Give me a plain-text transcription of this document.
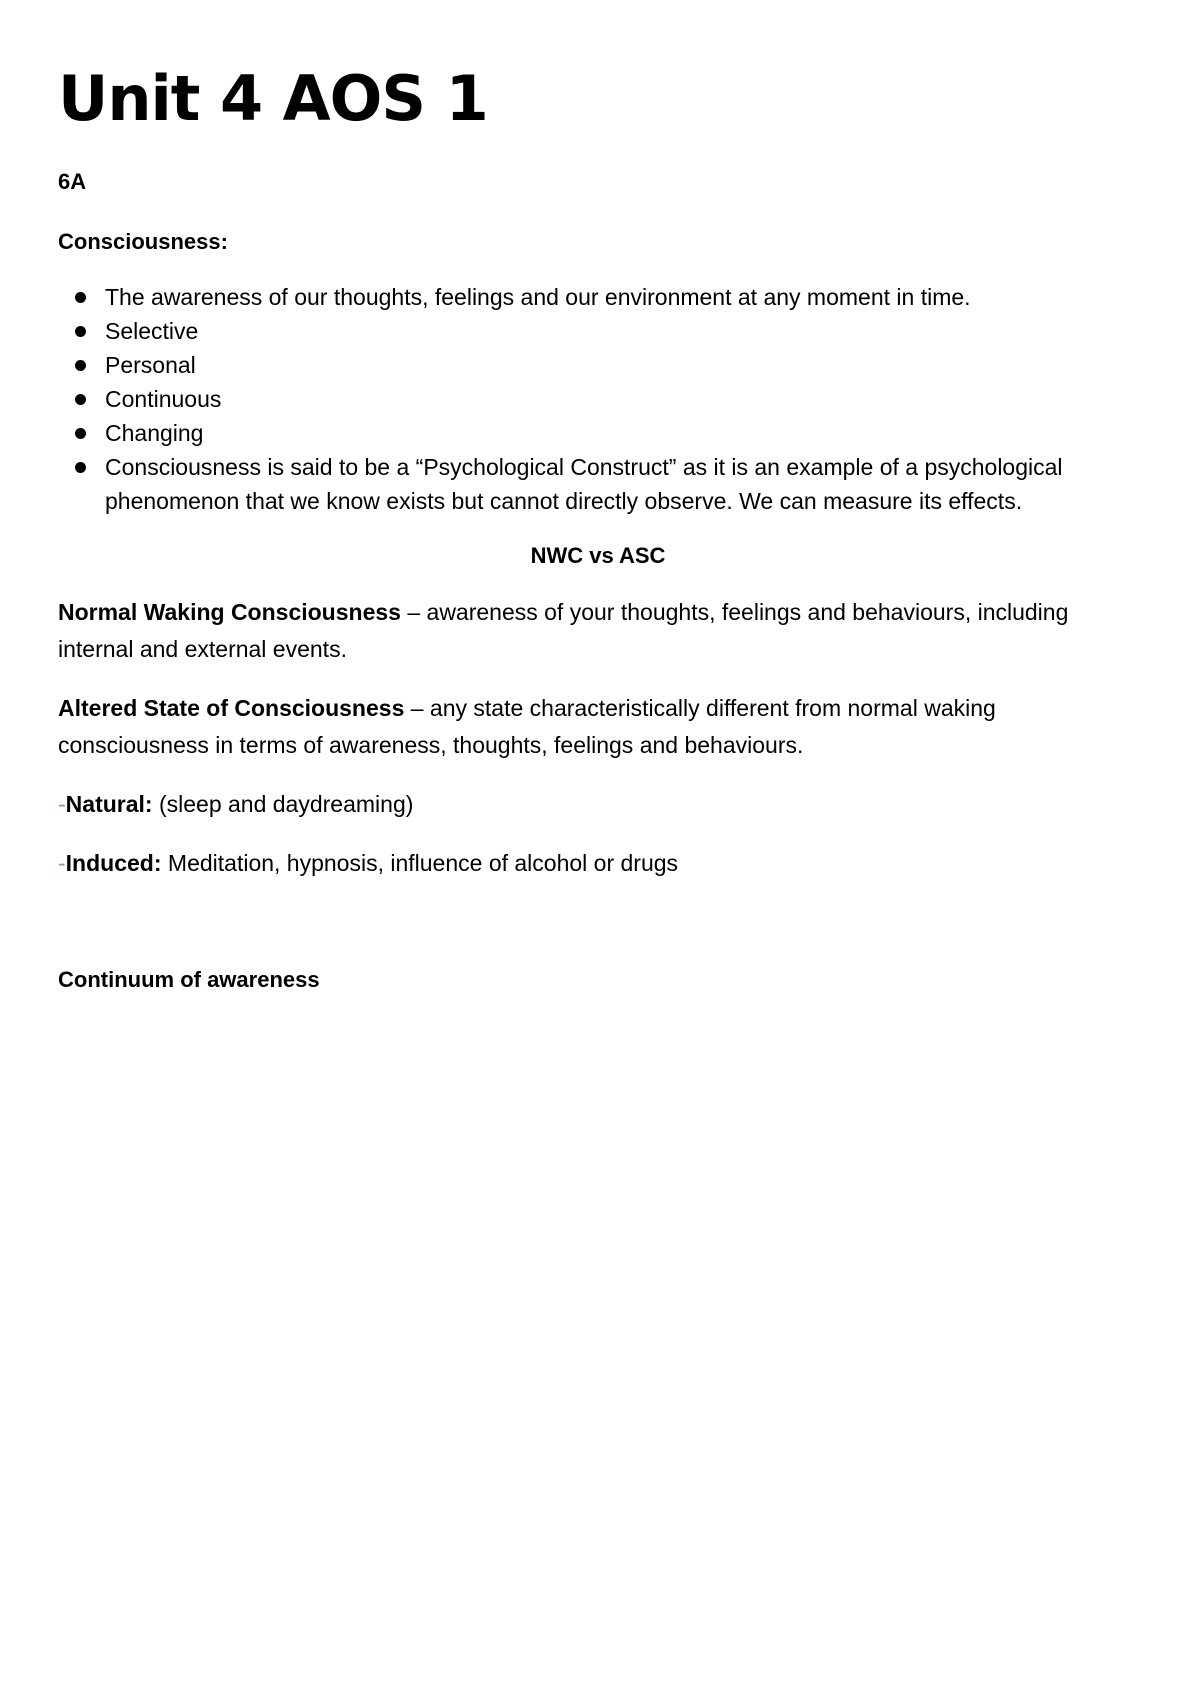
Unit 4 AOS 1
6A
Consciousness:
The awareness of our thoughts, feelings and our environment at any moment in time.
Selective
Personal
Continuous
Changing
Consciousness is said to be a “Psychological Construct” as it is an example of a psychological phenomenon that we know exists but cannot directly observe. We can measure its effects.
NWC vs ASC

Normal Waking Consciousness – awareness of your thoughts, feelings and behaviours, including internal and external events.

Altered State of Consciousness – any state characteristically different from normal waking consciousness in terms of awareness, thoughts, feelings and behaviours.

-Natural: (sleep and daydreaming)

-Induced: Meditation, hypnosis, influence of alcohol or drugs

Continuum of awareness
